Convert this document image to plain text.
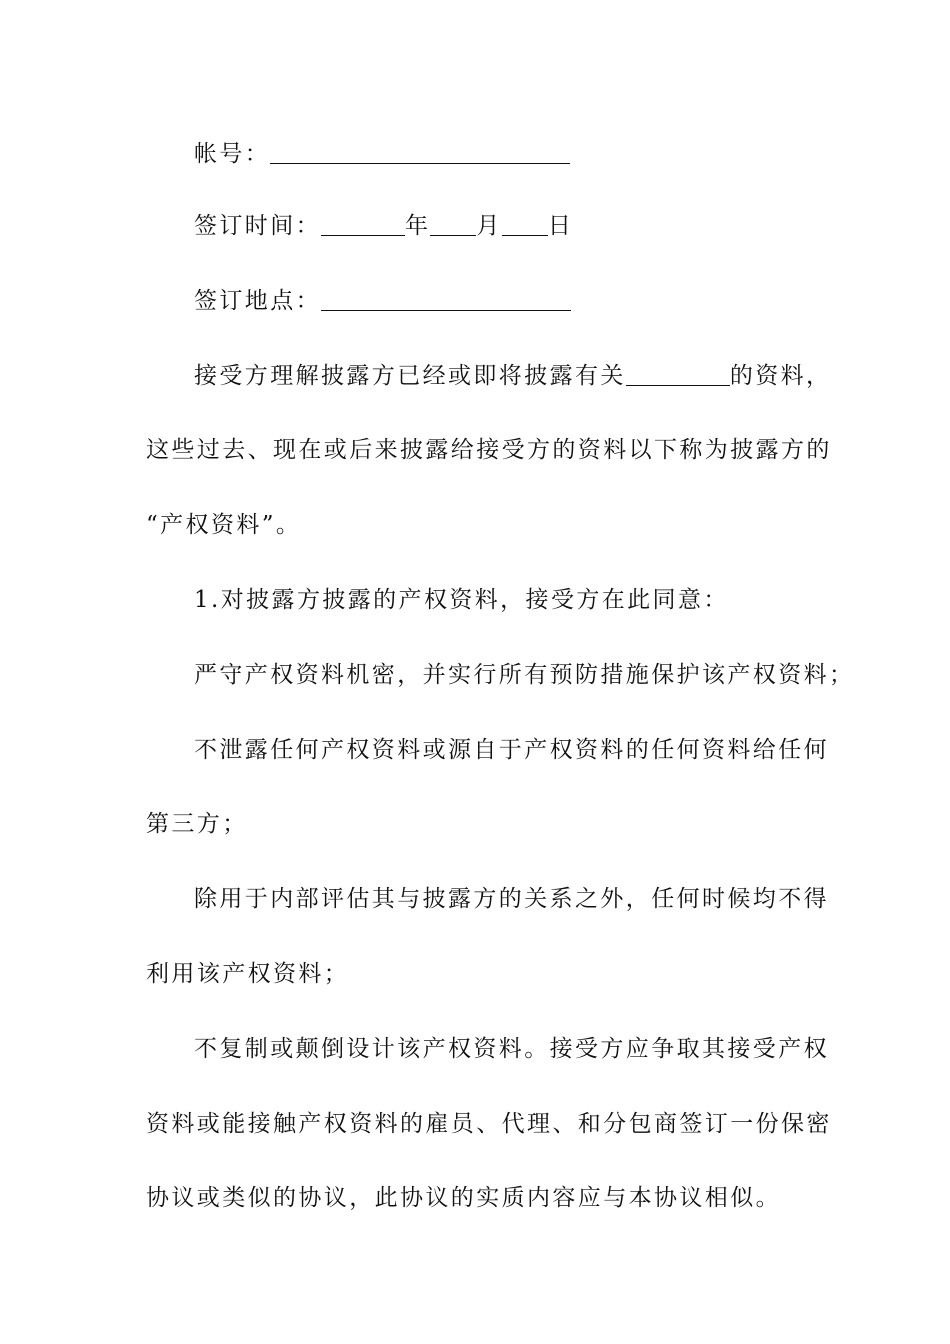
帐号：
签订时间：	年 月 日
签订地点：
接受方理解披露方已经或即将披露有关	的资料，
这些过去、现在或后来披露给接受方的资料以下称为披露方的
“产权资料”。
1.对披露方披露的产权资料，接受方在此同意：
严守产权资料机密，并实行所有预防措施保护该产权资料；
不泄露任何产权资料或源自于产权资料的任何资料给任何
第三方；
除用于内部评估其与披露方的关系之外，任何时候均不得
利用该产权资料；
不复制或颠倒设计该产权资料。接受方应争取其接受产权
资料或能接触产权资料的雇员、代理、和分包商签订一份保密
协议或类似的协议，此协议的实质内容应与本协议相似。
